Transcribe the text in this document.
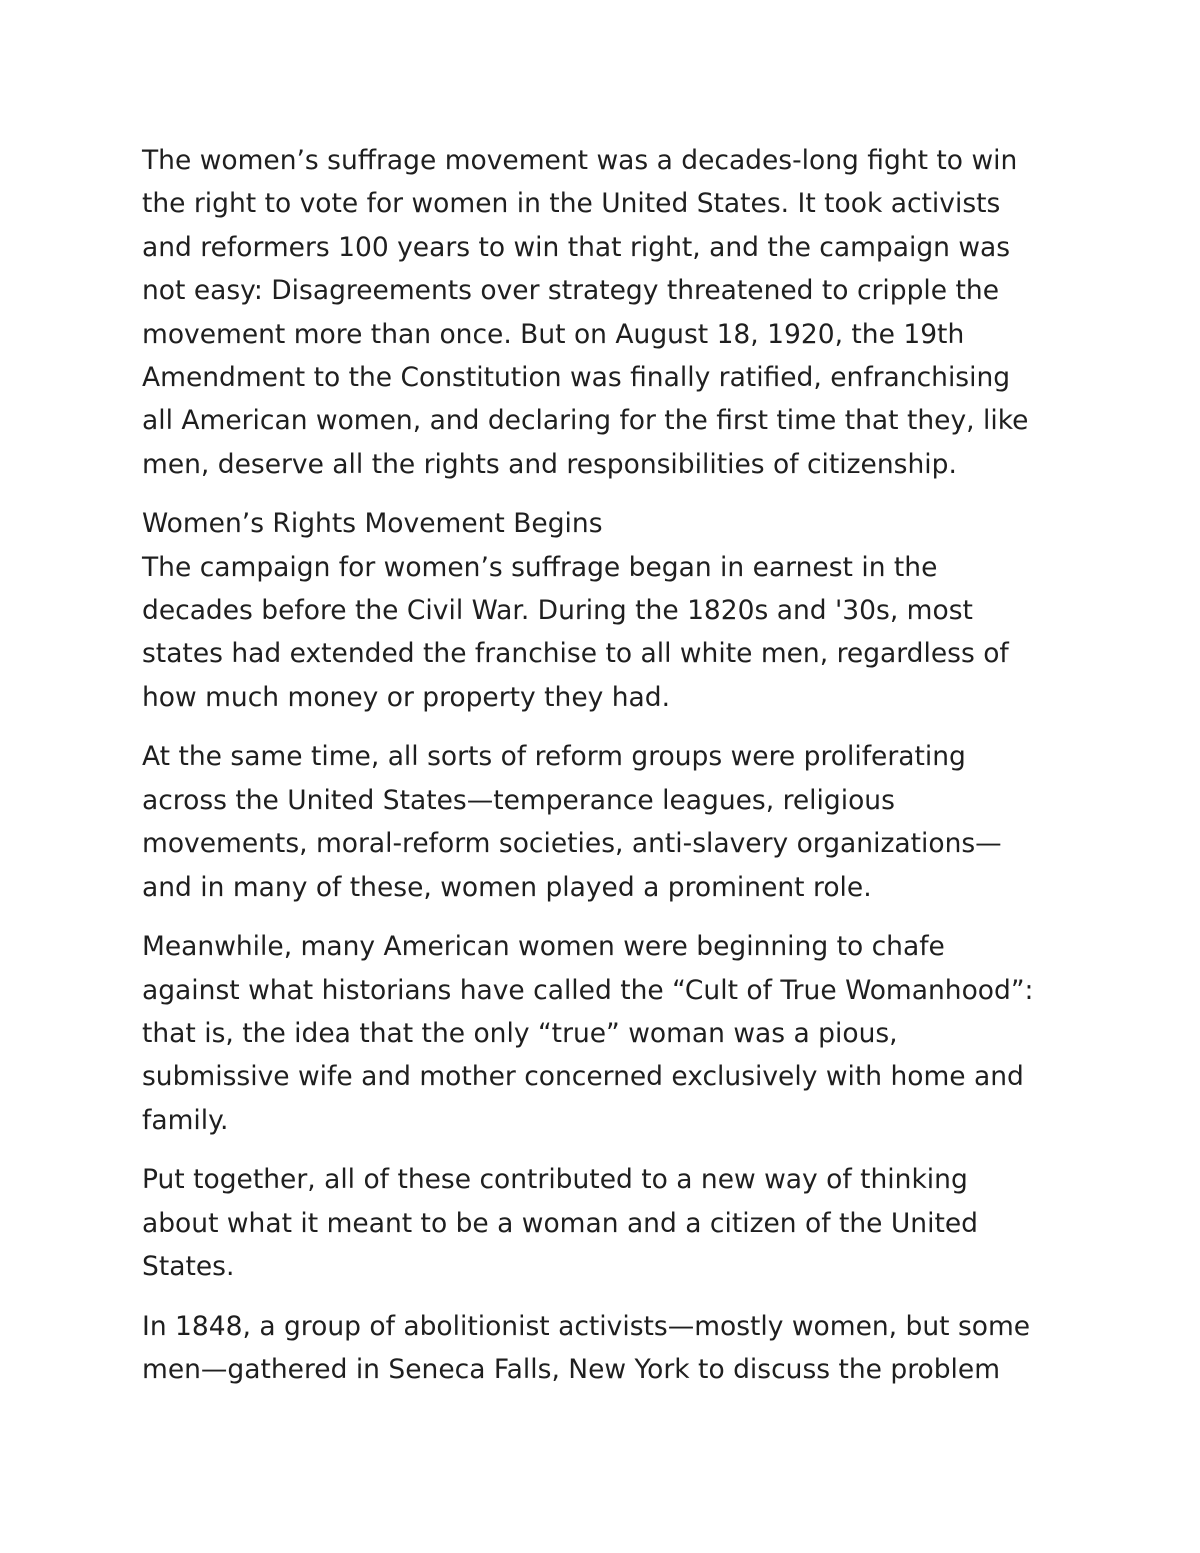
The women’s suffrage movement was a decades-long fight to win
the right to vote for women in the United States. It took activists
and reformers 100 years to win that right, and the campaign was
not easy: Disagreements over strategy threatened to cripple the
movement more than once. But on August 18, 1920, the 19th
Amendment to the Constitution was finally ratified, enfranchising
all American women, and declaring for the first time that they, like
men, deserve all the rights and responsibilities of citizenship.
Women’s Rights Movement Begins
The campaign for women’s suffrage began in earnest in the
decades before the Civil War. During the 1820s and '30s, most
states had extended the franchise to all white men, regardless of
how much money or property they had.
At the same time, all sorts of reform groups were proliferating
across the United States—temperance leagues, religious
movements, moral-reform societies, anti-slavery organizations—
and in many of these, women played a prominent role.
Meanwhile, many American women were beginning to chafe
against what historians have called the “Cult of True Womanhood”:
that is, the idea that the only “true” woman was a pious,
submissive wife and mother concerned exclusively with home and
family.
Put together, all of these contributed to a new way of thinking
about what it meant to be a woman and a citizen of the United
States.
In 1848, a group of abolitionist activists—mostly women, but some
men—gathered in Seneca Falls, New York to discuss the problem
